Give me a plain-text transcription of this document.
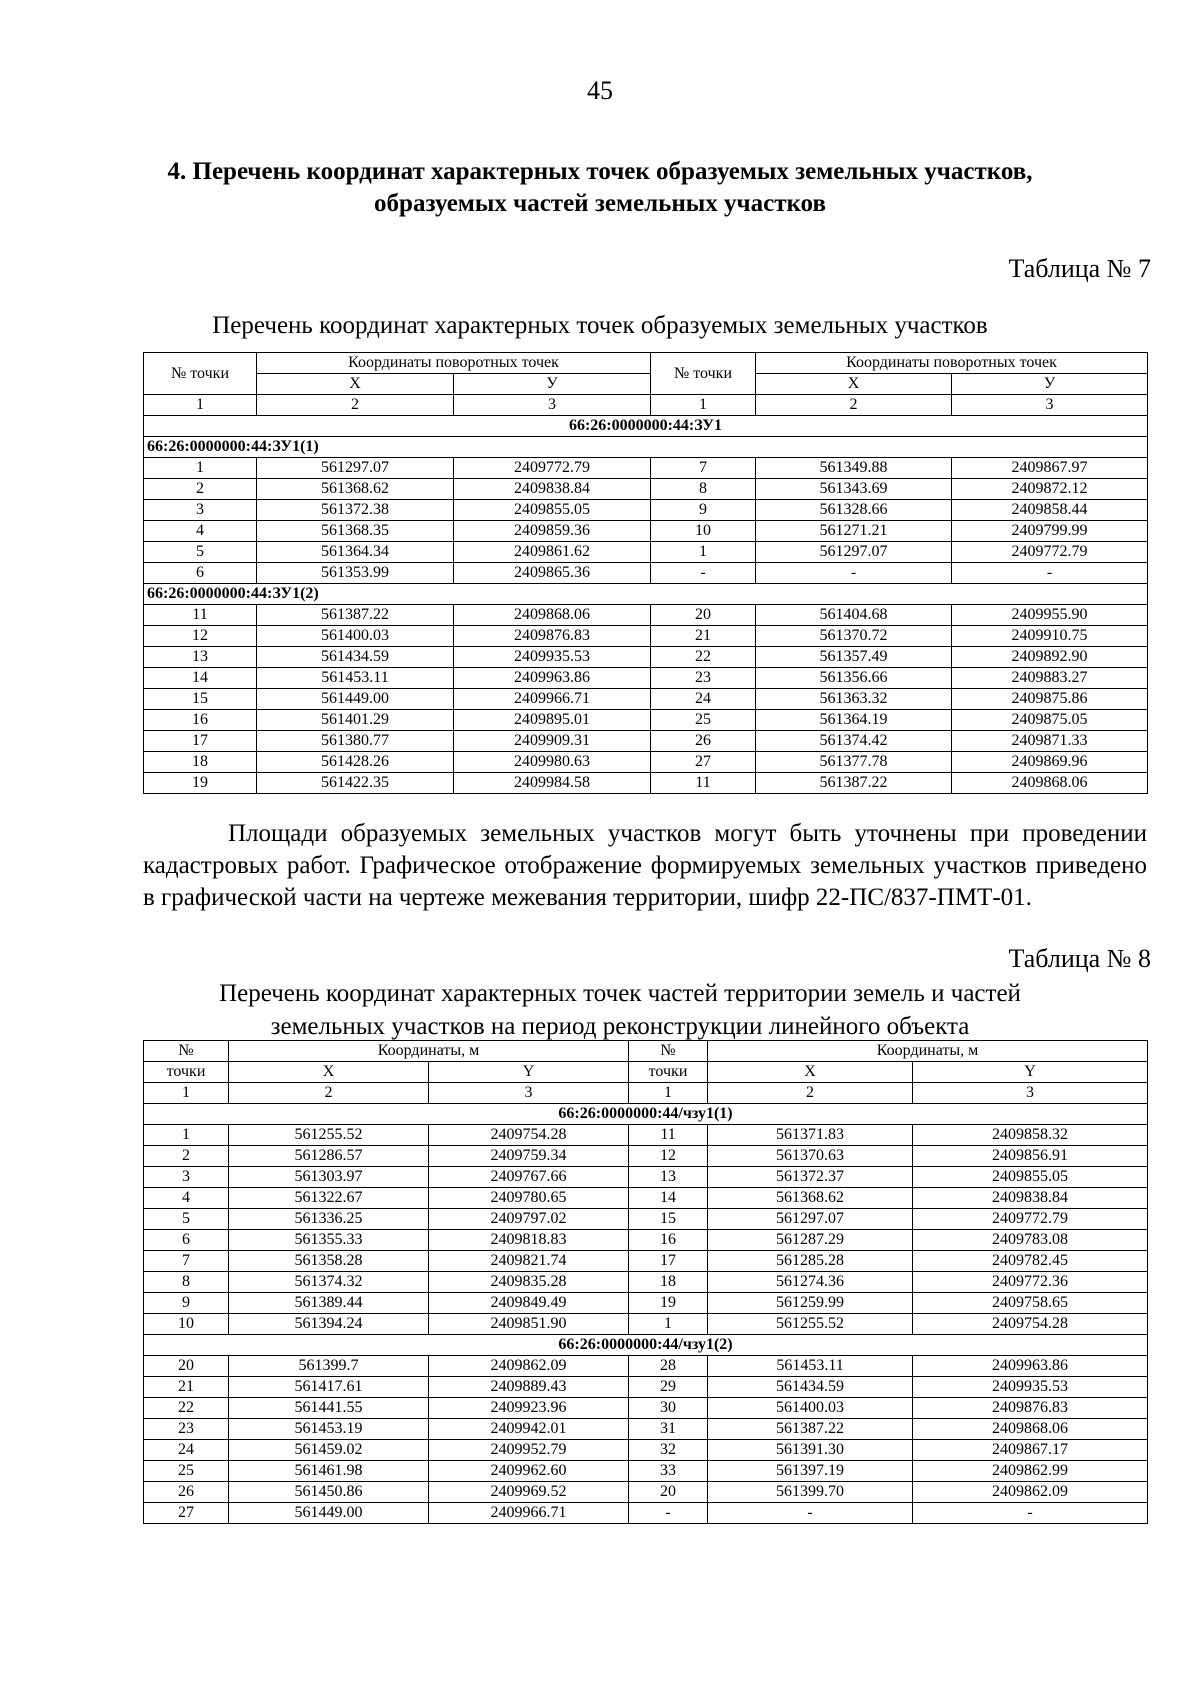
45
4. Перечень координат характерных точек образуемых земельных участков, образуемых частей земельных участков
Таблица № 7
Перечень координат характерных точек образуемых земельных участков
№ точки	Координаты поворотных точек		№ точки	Координаты поворотных точек	
	Х	У		Х	У
1	2	3	1	2	3
66:26:0000000:44:ЗУ1					
66:26:0000000:44:ЗУ1(1)					
1	561297.07	2409772.79	7	561349.88	2409867.97
2	561368.62	2409838.84	8	561343.69	2409872.12
3	561372.38	2409855.05	9	561328.66	2409858.44
4	561368.35	2409859.36	10	561271.21	2409799.99
5	561364.34	2409861.62	1	561297.07	2409772.79
6	561353.99	2409865.36	-	-	-
66:26:0000000:44:ЗУ1(2)					
11	561387.22	2409868.06	20	561404.68	2409955.90
12	561400.03	2409876.83	21	561370.72	2409910.75
13	561434.59	2409935.53	22	561357.49	2409892.90
14	561453.11	2409963.86	23	561356.66	2409883.27
15	561449.00	2409966.71	24	561363.32	2409875.86
16	561401.29	2409895.01	25	561364.19	2409875.05
17	561380.77	2409909.31	26	561374.42	2409871.33
18	561428.26	2409980.63	27	561377.78	2409869.96
19	561422.35	2409984.58	11	561387.22	2409868.06
Площади образуемых земельных участков могут быть уточнены при проведении кадастровых работ. Графическое отображение формируемых земельных участков приведено в графической части на чертеже межевания территории, шифр 22-ПС/837-ПМТ-01.
Таблица № 8
Перечень координат характерных точек частей территории земель и частей
земельных участков на период реконструкции линейного объекта
№	Координаты, м		№	Координаты, м	
точки	X	Y	точки	X	Y
1	2	3	1	2	3
66:26:0000000:44/чзу1(1)					
1	561255.52	2409754.28	11	561371.83	2409858.32
2	561286.57	2409759.34	12	561370.63	2409856.91
3	561303.97	2409767.66	13	561372.37	2409855.05
4	561322.67	2409780.65	14	561368.62	2409838.84
5	561336.25	2409797.02	15	561297.07	2409772.79
6	561355.33	2409818.83	16	561287.29	2409783.08
7	561358.28	2409821.74	17	561285.28	2409782.45
8	561374.32	2409835.28	18	561274.36	2409772.36
9	561389.44	2409849.49	19	561259.99	2409758.65
10	561394.24	2409851.90	1	561255.52	2409754.28
66:26:0000000:44/чзу1(2)					
20	561399.7	2409862.09	28	561453.11	2409963.86
21	561417.61	2409889.43	29	561434.59	2409935.53
22	561441.55	2409923.96	30	561400.03	2409876.83
23	561453.19	2409942.01	31	561387.22	2409868.06
24	561459.02	2409952.79	32	561391.30	2409867.17
25	561461.98	2409962.60	33	561397.19	2409862.99
26	561450.86	2409969.52	20	561399.70	2409862.09
27	561449.00	2409966.71	-	-	-
